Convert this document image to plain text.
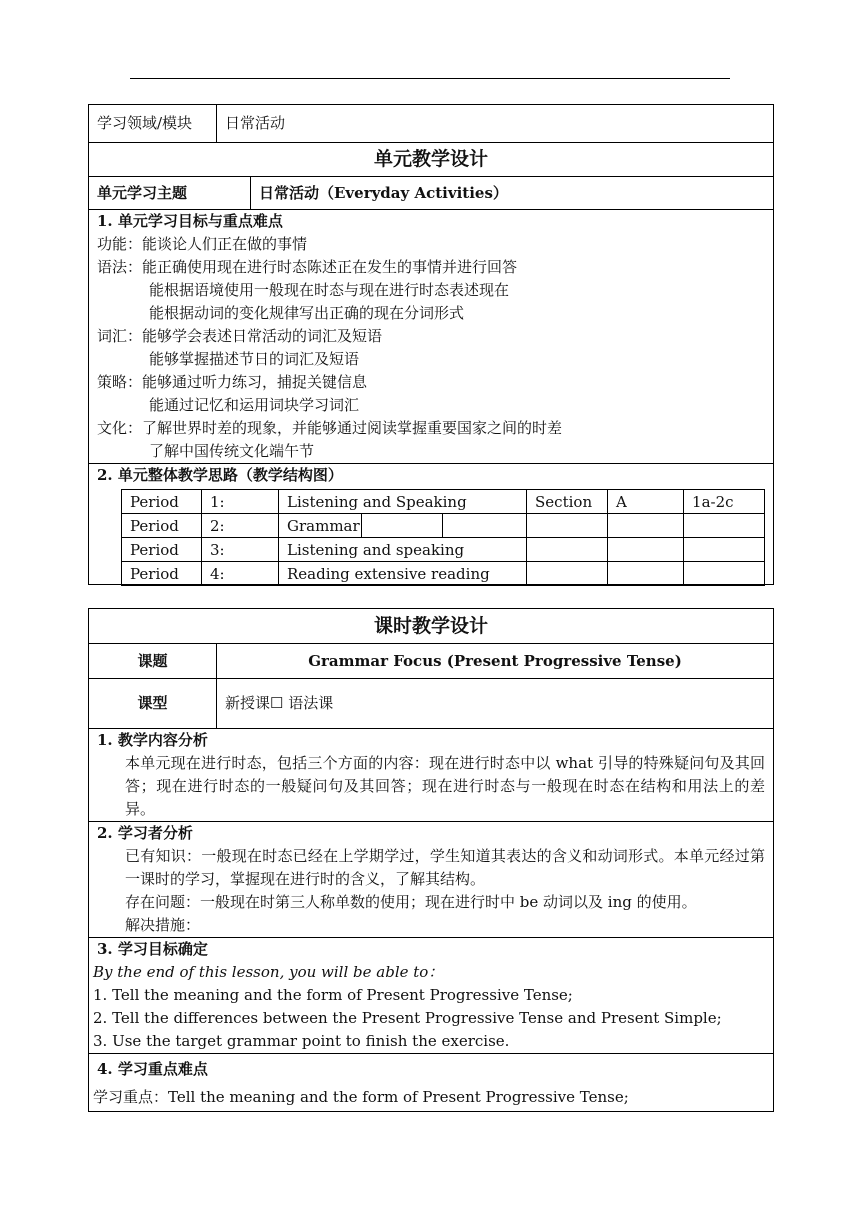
学习领域/模块	日常活动
单元教学设计
单元学习主题	日常活动（Everyday Activities）

1. 单元学习目标与重点难点
功能：能谈论人们正在做的事情
语法：能正确使用现在进行时态陈述正在发生的事情并进行回答
能根据语境使用一般现在时态与现在进行时态表述现在
能根据动词的变化规律写出正确的现在分词形式
词汇：能够学会表述日常活动的词汇及短语
能够掌握描述节日的词汇及短语
策略：能够通过听力练习，捕捉关键信息
能通过记忆和运用词块学习词汇
文化：了解世界时差的现象，并能够通过阅读掌握重要国家之间的时差
了解中国传统文化端午节

2. 单元整体教学思路（教学结构图）
Period	1:	Listening and Speaking			Section	A	1a-2c
Period	2:	Grammar					
Period	3:	Listening and speaking					
Period	4:	Reading extensive reading					
课时教学设计	
课题	Grammar Focus (Present Progressive Tense)
课型	新授课☐ 语法课

1. 教学内容分析
本单元现在进行时态，包括三个方面的内容：现在进行时态中以 what 引导的特殊疑问句及其回答；现在进行时态的一般疑问句及其回答；现在进行时态与一般现在时态在结构和用法上的差异。	

2. 学习者分析
已有知识：一般现在时态已经在上学期学过，学生知道其表达的含义和动词形式。本单元经过第一课时的学习，掌握现在进行时的含义，了解其结构。
存在问题：一般现在时第三人称单数的使用；现在进行时中 be 动词以及 ing 的使用。
解决措施：	

3. 学习目标确定
By the end of this lesson, you will be able to：
1. Tell the meaning and the form of Present Progressive Tense;
2. Tell the differences between the Present Progressive Tense and Present Simple;
3. Use the target grammar point to finish the exercise.	

4. 学习重点难点
学习重点：Tell the meaning and the form of Present Progressive Tense;	
